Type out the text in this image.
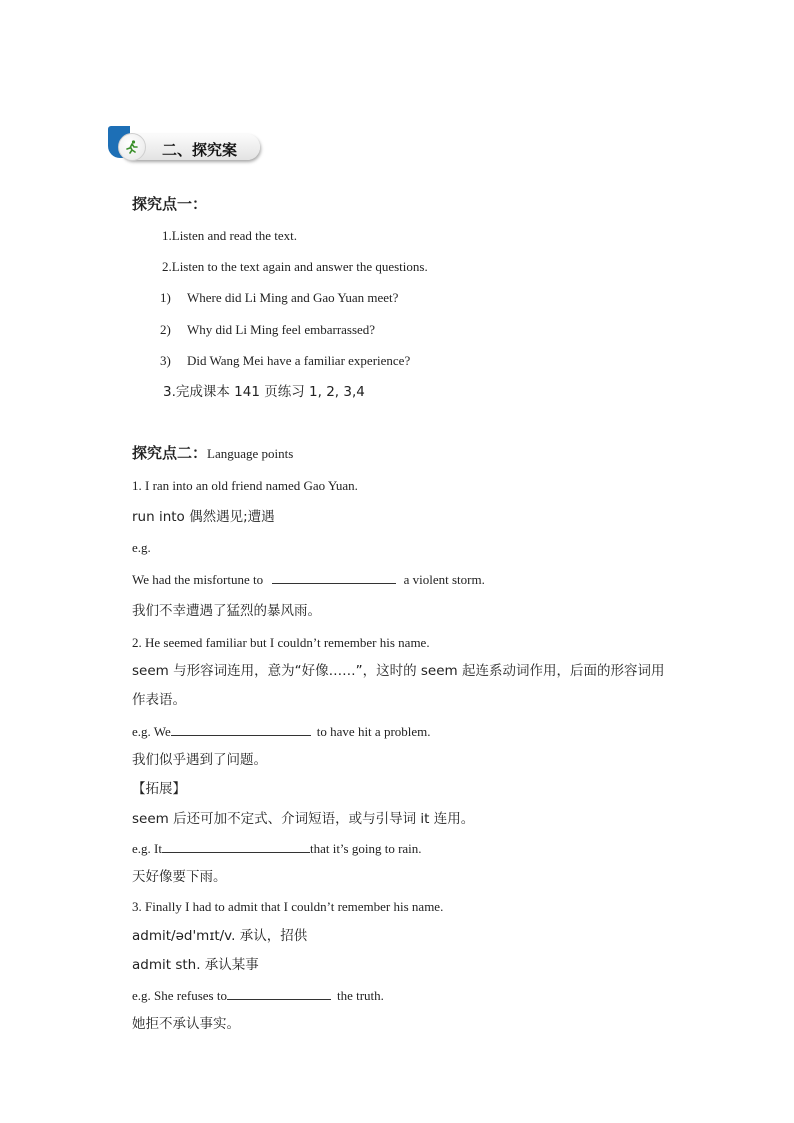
二、探究案
探究点一：
1.Listen and read the text.
2.Listen to the text again and answer the questions.
1) Where did Li Ming and Gao Yuan meet?
2) Why did Li Ming feel embarrassed?
3) Did Wang Mei have a familiar experience?
3.完成课本 141 页练习 1, 2, 3,4
探究点二：Language points
1. I ran into an old friend named Gao Yuan.
run into 偶然遇见;遭遇
e.g.
We had the misfortune to	a violent storm.
我们不幸遭遇了猛烈的暴风雨。
2. He seemed familiar but I couldn’t remember his name.
seem 与形容词连用，意为“好像……”，这时的 seem 起连系动词作用，后面的形容词用
作表语。
e.g. We	to have hit a problem.
我们似乎遇到了问题。
【拓展】
seem 后还可加不定式、介词短语，或与引导词 it 连用。
e.g. It	that it’s going to rain.
天好像要下雨。
3. Finally I had to admit that I couldn’t remember his name.
admit/əd'mɪt/v. 承认，招供
admit sth. 承认某事
e.g. She refuses to	the truth.
她拒不承认事实。
